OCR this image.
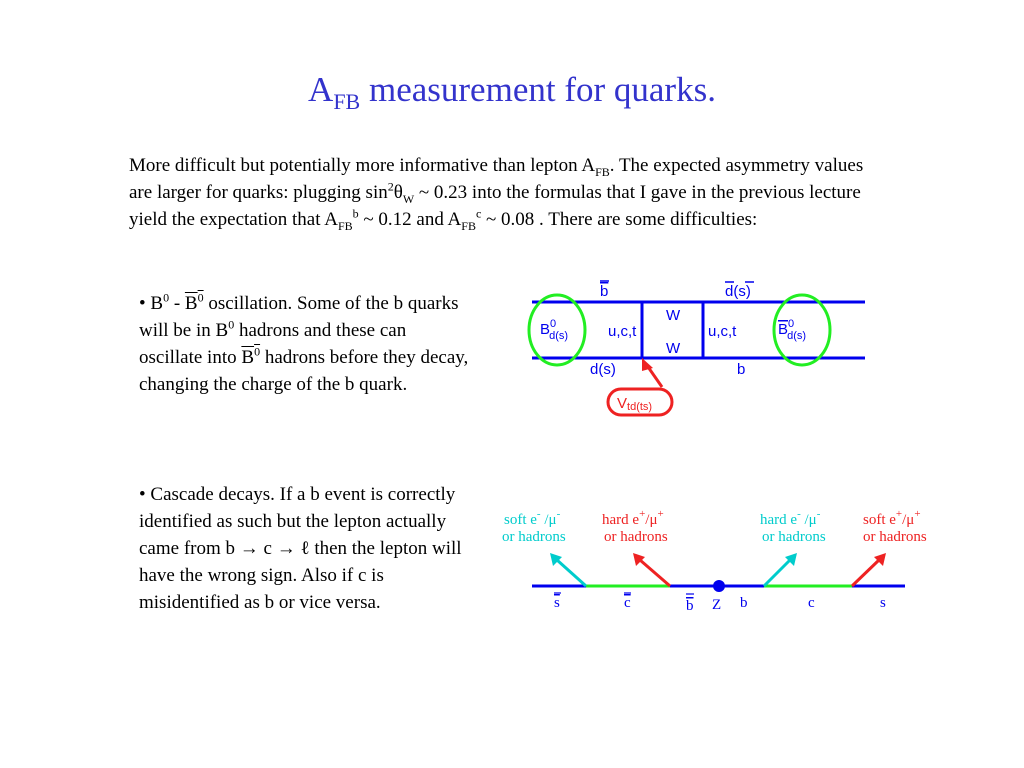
$A_{FB}$ measurement for quarks.
More difficult but potentially more informative than lepton $A_{FB}$. The expected asymmetry values are larger for quarks: plugging $\sin^2\theta_W$ ~ 0.23 into the formulas that I gave in the previous lecture yield the expectation that $A_{FB}^b$ ~ 0.12 and $A_{FB}^c$ ~ 0.08 . There are some difficulties:
• $B^0 - \overline{B}^0$ oscillation. Some of the b quarks will be in $B^0$ hadrons and these can oscillate into $\overline{B}^0$ hadrons before they decay, changing the charge of the b quark.
• Cascade decays. If a b event is correctly identified as such but the lepton actually came from b → c → ℓ then the lepton will have the wrong sign. Also if c is misidentified as b or vice versa.
b	d(s)
d(s)	b
u,c,t	u,c,t
W
W
$B^0$ d(s)	$B^0$ d(s)
Vtd(ts)
soft e- /μ-
or hadrons
hard e+/μ+
or hadrons
hard e- /μ-
or hadrons
soft e+/μ+
or hadrons
s	c	b Z b	c	s
